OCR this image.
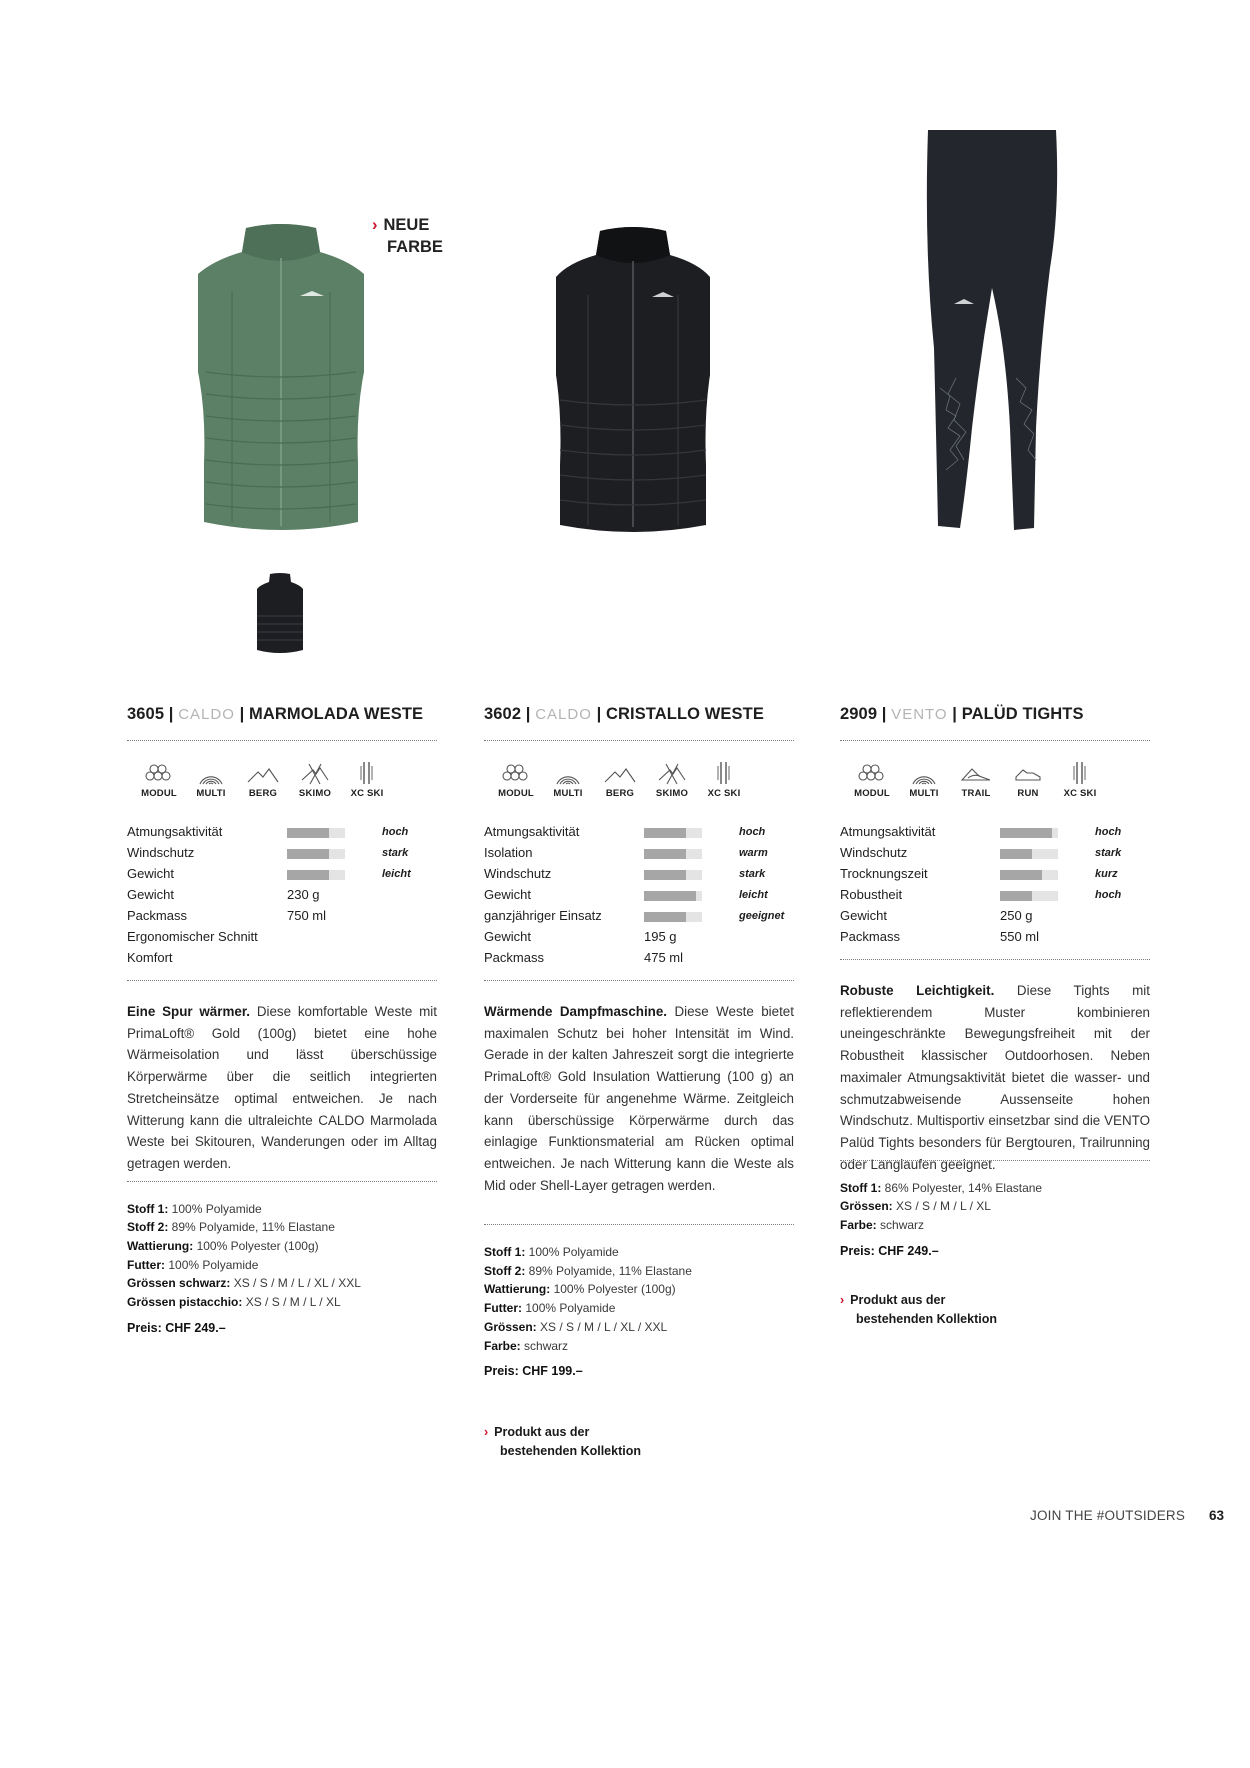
› NEUE
FARBE
3605 | CALDO | MARMOLADA WESTE
MODUL MULTI BERG SKIMO XC SKI
Atmungsaktivität	hoch
Windschutz	stark
Gewicht	leicht
Gewicht	230 g
Packmass	750 ml
Ergonomischer Schnitt
Komfort
Eine Spur wärmer. Diese komfortable Weste mit PrimaLoft® Gold (100g) bietet eine hohe Wärmeisolation und lässt überschüssige Körperwärme über die seitlich integrierten Stretcheinsätze optimal entweichen. Je nach Witterung kann die ultraleichte CALDO Marmolada Weste bei Skitouren, Wanderungen oder im Alltag getragen werden.
Stoff 1: 100% Polyamide
Stoff 2: 89% Polyamide, 11% Elastane
Wattierung: 100% Polyester (100g)
Futter: 100% Polyamide
Grössen schwarz: XS / S / M / L / XL / XXL
Grössen pistacchio: XS / S / M / L / XL
Preis: CHF 249.–
3602 | CALDO | CRISTALLO WESTE
MODUL MULTI BERG SKIMO XC SKI
Atmungsaktivität	hoch
Isolation	warm
Windschutz	stark
Gewicht	leicht
ganzjähriger Einsatz	geeignet
Gewicht	195 g
Packmass	475 ml
Wärmende Dampfmaschine. Diese Weste bietet maximalen Schutz bei hoher Intensität im Wind. Gerade in der kalten Jahreszeit sorgt die integrierte PrimaLoft® Gold Insulation Wattierung (100 g) an der Vorderseite für angenehme Wärme. Zeitgleich kann überschüssige Körperwärme durch das einlagige Funktionsmaterial am Rücken optimal entweichen. Je nach Witterung kann die Weste als Mid oder Shell-Layer getragen werden.
Stoff 1: 100% Polyamide
Stoff 2: 89% Polyamide, 11% Elastane
Wattierung: 100% Polyester (100g)
Futter: 100% Polyamide
Grössen: XS / S / M / L / XL / XXL
Farbe: schwarz
Preis: CHF 199.–
› Produkt aus der
bestehenden Kollektion
2909 | VENTO | PALÜD TIGHTS
MODUL MULTI TRAIL	RUN	XC SKI
Atmungsaktivität	hoch
Windschutz	stark
Trocknungszeit	kurz
Robustheit	hoch
Gewicht	250 g
Packmass	550 ml
Robuste Leichtigkeit. Diese Tights mit reflektierendem Muster kombinieren uneingeschränkte Bewegungsfreiheit mit der Robustheit klassischer Outdoorhosen. Neben maximaler Atmungsaktivität bietet die wasser- und schmutzabweisende Aussenseite hohen Windschutz. Multisportiv einsetzbar sind die VENTO Palüd Tights besonders für Bergtouren, Trailrunning oder Langlaufen geeignet.
Stoff 1: 86% Polyester, 14% Elastane
Grössen: XS / S / M / L / XL
Farbe: schwarz
Preis: CHF 249.–
› Produkt aus der
bestehenden Kollektion
JOIN THE #OUTSIDERS 63
